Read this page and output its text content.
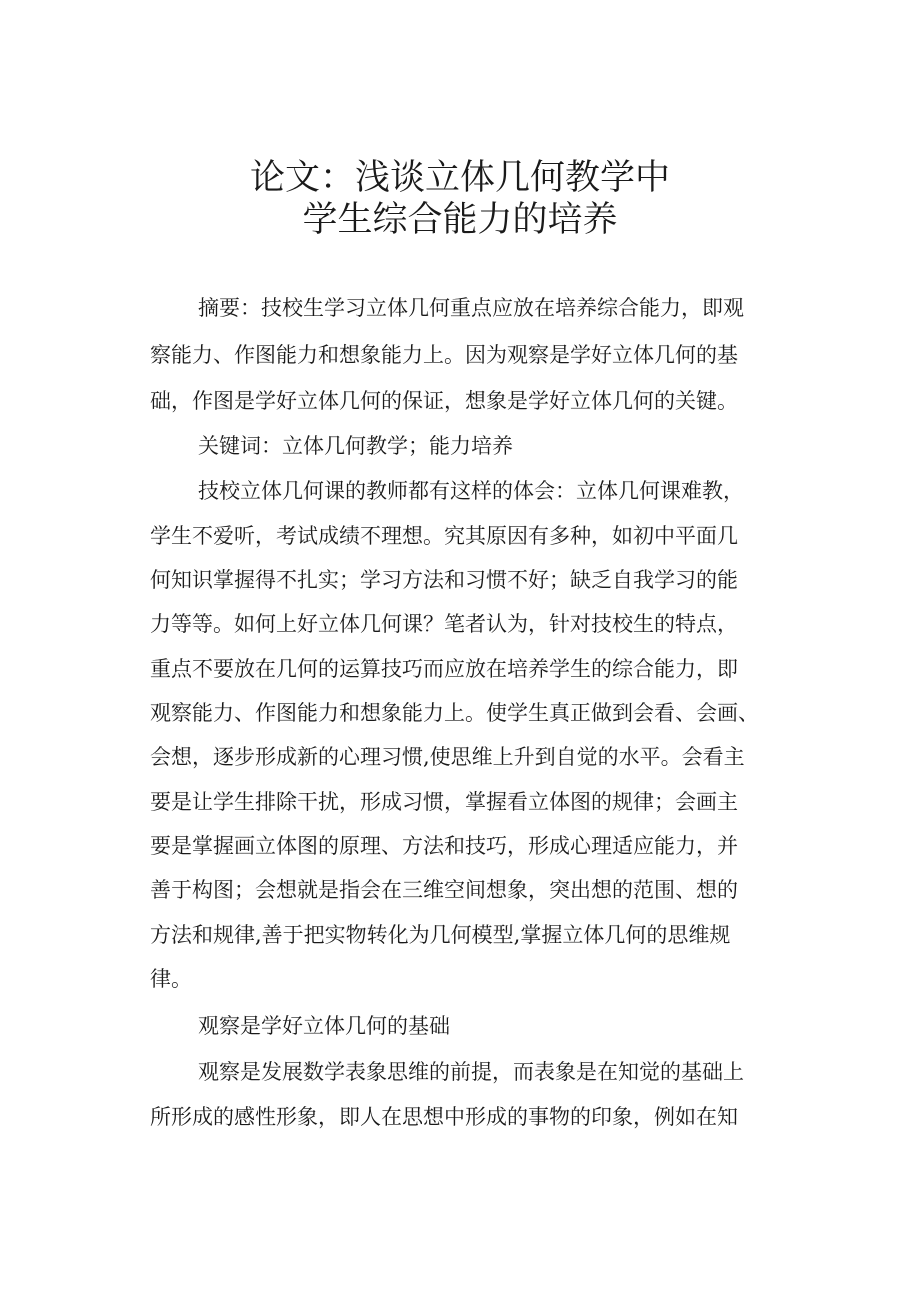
论文：浅谈立体几何教学中
学生综合能力的培养
摘要：技校生学习立体几何重点应放在培养综合能力，即观
察能力、作图能力和想象能力上。因为观察是学好立体几何的基
础，作图是学好立体几何的保证，想象是学好立体几何的关键。
关键词：立体几何教学；能力培养
技校立体几何课的教师都有这样的体会：立体几何课难教，
学生不爱听，考试成绩不理想。究其原因有多种，如初中平面几
何知识掌握得不扎实；学习方法和习惯不好；缺乏自我学习的能
力等等。如何上好立体几何课？笔者认为，针对技校生的特点，
重点不要放在几何的运算技巧而应放在培养学生的综合能力，即
观察能力、作图能力和想象能力上。使学生真正做到会看、会画、
会想，逐步形成新的心理习惯,使思维上升到自觉的水平。会看主
要是让学生排除干扰，形成习惯，掌握看立体图的规律；会画主
要是掌握画立体图的原理、方法和技巧，形成心理适应能力，并
善于构图；会想就是指会在三维空间想象，突出想的范围、想的
方法和规律,善于把实物转化为几何模型,掌握立体几何的思维规
律。
观察是学好立体几何的基础
观察是发展数学表象思维的前提，而表象是在知觉的基础上
所形成的感性形象，即人在思想中形成的事物的印象，例如在知
